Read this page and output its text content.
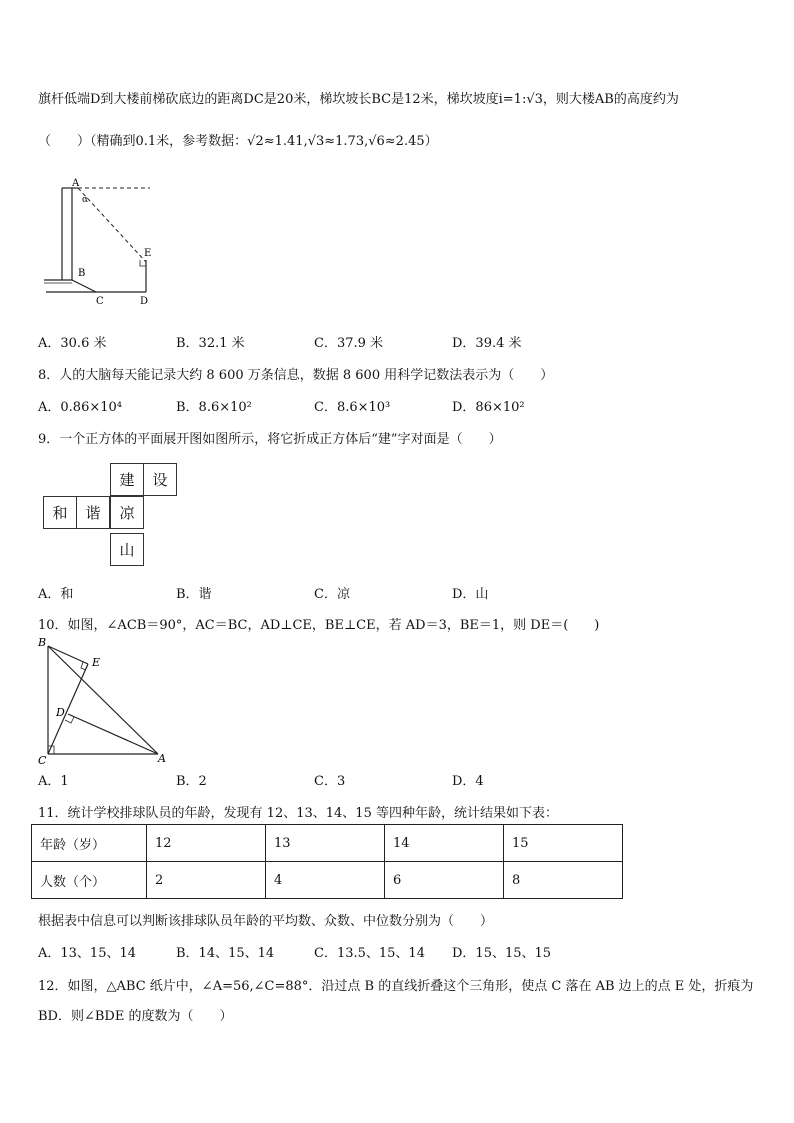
旗杆低端D到大楼前梯砍底边的距离DC是20米，梯坎坡长BC是12米，梯坎坡度i=1:√3，则大楼AB的高度约为
（　　）（精确到0.1米，参考数据：√2≈1.41,√3≈1.73,√6≈2.45）
A
α
E
B
C	D
A．30.6 米	B．32.1 米	C．37.9 米	D．39.4 米
8．人的大脑每天能记录大约 8 600 万条信息，数据 8 600 用科学记数法表示为（　　）
A．0.86×10⁴	B．8.6×10²	C．8.6×10³	D．86×10²
9．一个正方体的平面展开图如图所示，将它折成正方体后“建”字对面是（　　）
建	设
和	谐	凉
山
A．和	B．谐	C．凉	D．山
10．如图，∠ACB＝90°，AC＝BC，AD⊥CE，BE⊥CE，若 AD＝3，BE＝1，则 DE＝(　　)
B
E
D
C	A
A．1	B．2	C．3	D．4
11．统计学校排球队员的年龄，发现有 12、13、14、15 等四种年龄，统计结果如下表：
年龄（岁）	12	13	14	15
人数（个）	2	4	6	8
根据表中信息可以判断该排球队员年龄的平均数、众数、中位数分别为（　　）
A．13、15、14	B．14、15、14	C．13.5、15、14 D．15、15、15
12．如图，△ABC 纸片中，∠A=56,∠C=88°．沿过点 B 的直线折叠这个三角形，使点 C 落在 AB 边上的点 E 处，折痕为BD．则∠BDE 的度数为（　　）
